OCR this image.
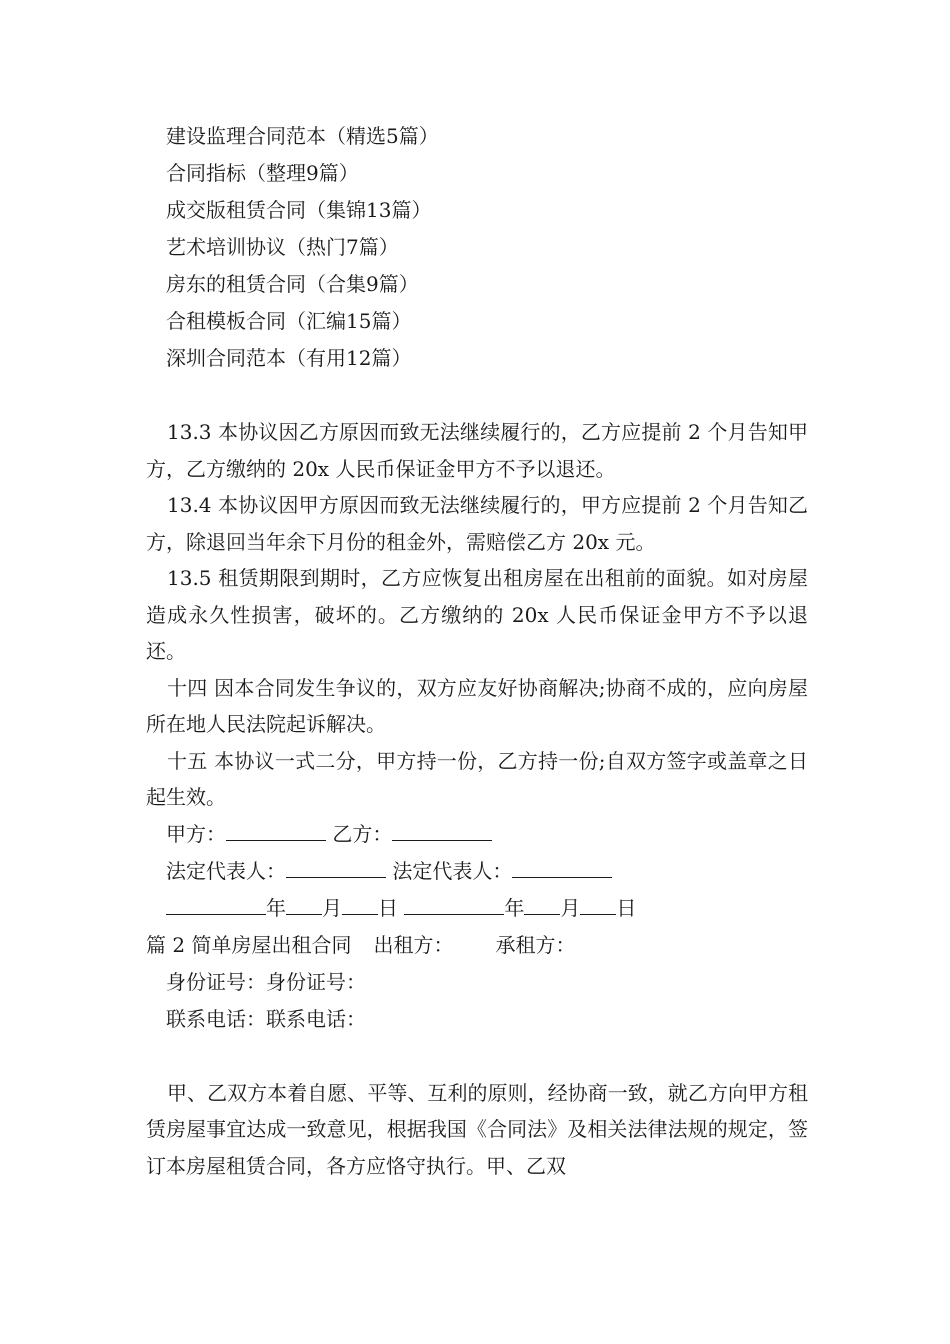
建设监理合同范本（精选5篇）
合同指标（整理9篇）
成交版租赁合同（集锦13篇）
艺术培训协议（热门7篇）
房东的租赁合同（合集9篇）
合租模板合同（汇编15篇）
深圳合同范本（有用12篇）

13.3 本协议因乙方原因而致无法继续履行的，乙方应提前 2 个月告知甲方，乙方缴纳的 20x 人民币保证金甲方不予以退还。

13.4 本协议因甲方原因而致无法继续履行的，甲方应提前 2 个月告知乙方，除退回当年余下月份的租金外，需赔偿乙方 20x 元。

13.5 租赁期限到期时，乙方应恢复出租房屋在出租前的面貌。如对房屋造成永久性损害，破坏的。乙方缴纳的 20x 人民币保证金甲方不予以退还。

十四 因本合同发生争议的，双方应友好协商解决;协商不成的，应向房屋所在地人民法院起诉解决。

十五 本协议一式二分，甲方持一份，乙方持一份;自双方签字或盖章之日起生效。

甲方：	乙方：
法定代表人：	法定代表人：
年 月 日	年 月 日
篇 2 简单房屋出租合同 出租方： 承租方：
身份证号：身份证号：
联系电话：联系电话：

甲、乙双方本着自愿、平等、互利的原则，经协商一致，就乙方向甲方租赁房屋事宜达成一致意见，根据我国《合同法》及相关法律法规的规定，签订本房屋租赁合同，各方应恪守执行。甲、乙双
